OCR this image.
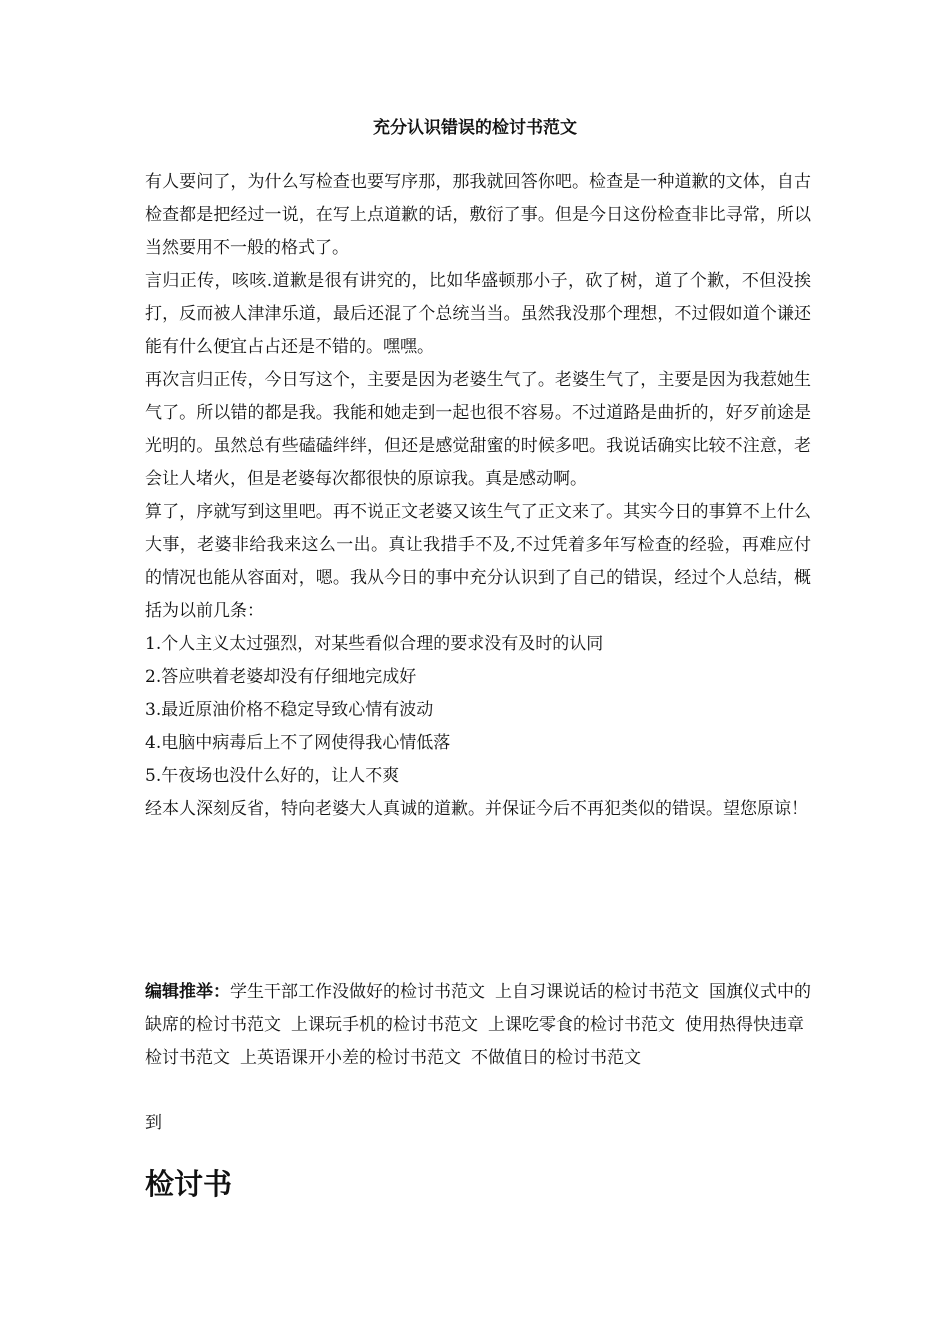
充分认识错误的检讨书范文

有人要问了，为什么写检查也要写序那，那我就回答你吧。检查是一种道歉的文体，自古检查都是把经过一说，在写上点道歉的话，敷衍了事。但是今日这份检查非比寻常，所以当然要用不一般的格式了。

言归正传，咳咳.道歉是很有讲究的，比如华盛顿那小子，砍了树，道了个歉，不但没挨打，反而被人津津乐道，最后还混了个总统当当。虽然我没那个理想，不过假如道个谦还能有什么便宜占占还是不错的。嘿嘿。

再次言归正传，今日写这个，主要是因为老婆生气了。老婆生气了，主要是因为我惹她生气了。所以错的都是我。我能和她走到一起也很不容易。不过道路是曲折的，好歹前途是光明的。虽然总有些磕磕绊绊，但还是感觉甜蜜的时候多吧。我说话确实比较不注意，老会让人堵火，但是老婆每次都很快的原谅我。真是感动啊。

算了，序就写到这里吧。再不说正文老婆又该生气了正文来了。其实今日的事算不上什么大事，老婆非给我来这么一出。真让我措手不及,不过凭着多年写检查的经验，再难应付的情况也能从容面对，嗯。我从今日的事中充分认识到了自己的错误，经过个人总结，概括为以前几条：

1.个人主义太过强烈，对某些看似合理的要求没有及时的认同

2.答应哄着老婆却没有仔细地完成好

3.最近原油价格不稳定导致心情有波动

4.电脑中病毒后上不了网使得我心情低落

5.午夜场也没什么好的，让人不爽

经本人深刻反省，特向老婆大人真诚的道歉。并保证今后不再犯类似的错误。望您原谅！

编辑推举：学生干部工作没做好的检讨书范文 上自习课说话的检讨书范文 国旗仪式中的缺席的检讨书范文 上课玩手机的检讨书范文 上课吃零食的检讨书范文 使用热得快违章检讨书范文 上英语课开小差的检讨书范文 不做值日的检讨书范文
到
检讨书
